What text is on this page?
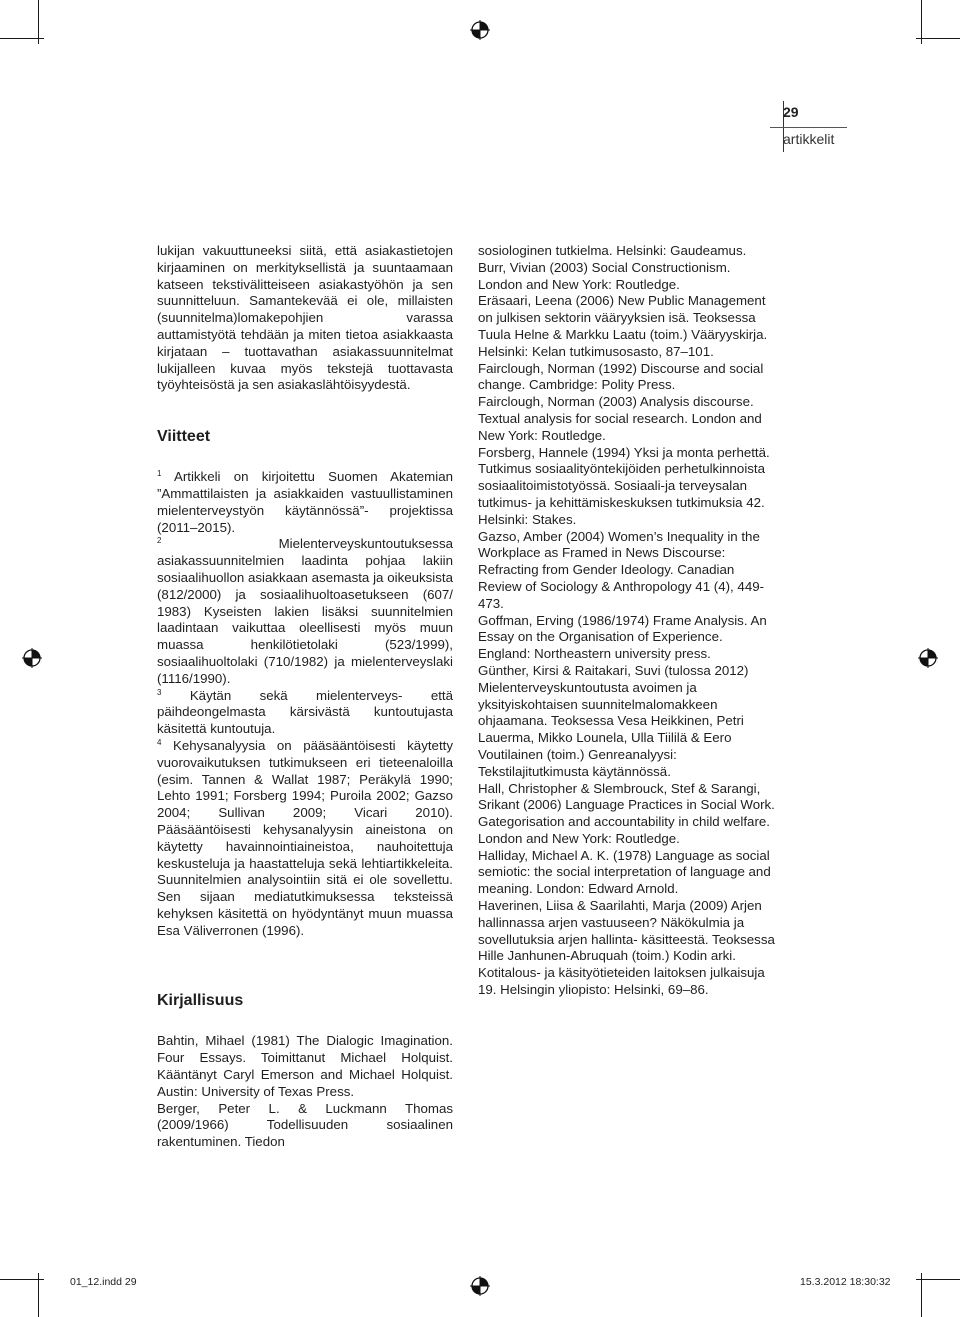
29
artikkelit

lukijan vakuuttuneeksi siitä, että asiakastietojen kirjaaminen on merkityksellistä ja suuntaamaan katseen tekstivälitteiseen asiakastyöhön ja sen suunnitteluun. Samantekevää ei ole, millaisten (suunnitelma)lomakepohjien varassa auttamistyötä tehdään ja miten tietoa asiakkaasta kirjataan – tuottavathan asiakassuunnitelmat lukijalleen kuvaa myös tekstejä tuottavasta työyhteisöstä ja sen asiakaslähtöisyydestä.

Viitteet

$^1$ Artikkeli on kirjoitettu Suomen Akatemian ”Ammattilaisten ja asiakkaiden vastuullistaminen mielenterveystyön käytännössä”- projektissa (2011–2015).

$^2$	Mielenterveyskuntoutuksessa asiakassuunnitelmien laadinta pohjaa lakiin sosiaalihuollon asiakkaan asemasta ja oikeuksista (812/2000) ja sosiaalihuoltoasetukseen (607/ 1983) Kyseisten lakien lisäksi suunnitelmien laadintaan vaikuttaa oleellisesti myös muun muassa henkilötietolaki (523/1999), sosiaalihuoltolaki (710/1982) ja mielenterveyslaki (1116/1990).

$^3$ Käytän sekä mielenterveys- että päihdeongelmasta kärsivästä kuntoutujasta käsitettä kuntoutuja.

$^4$ Kehysanalyysia on pääsääntöisesti käytetty vuorovaikutuksen tutkimukseen eri tieteenaloilla (esim. Tannen & Wallat 1987; Peräkylä 1990; Lehto 1991; Forsberg 1994; Puroila 2002; Gazso 2004; Sullivan 2009; Vicari 2010). Pääsääntöisesti kehysanalyysin aineistona on käytetty havainnointiaineistoa, nauhoitettuja keskusteluja ja haastatteluja sekä lehtiartikkeleita. Suunnitelmien analysointiin sitä ei ole sovellettu. Sen sijaan mediatutkimuksessa teksteissä kehyksen käsitettä on hyödyntänyt muun muassa Esa Väliverronen (1996).

Kirjallisuus

Bahtin, Mihael (1981) The Dialogic Imagination. Four Essays. Toimittanut Michael Holquist. Kääntänyt Caryl Emerson and Michael Holquist. Austin: University of Texas Press.

Berger, Peter L. & Luckmann Thomas (2009/1966) Todellisuuden sosiaalinen rakentuminen. Tiedon

sosiologinen tutkielma. Helsinki: Gaudeamus.

Burr, Vivian (2003) Social Constructionism. London and New York: Routledge.

Eräsaari, Leena (2006) New Public Management on julkisen sektorin vääryyksien isä. Teoksessa Tuula Helne & Markku Laatu (toim.) Vääryyskirja. Helsinki: Kelan tutkimusosasto, 87–101.

Fairclough, Norman (1992) Discourse and social change. Cambridge: Polity Press.

Fairclough, Norman (2003) Analysis discourse. Textual analysis for social research. London and New York: Routledge.

Forsberg, Hannele (1994) Yksi ja monta perhettä. Tutkimus sosiaalityöntekijöiden perhetulkinnoista sosiaalitoimistotyössä. Sosiaali-ja terveysalan tutkimus- ja kehittämiskeskuksen tutkimuksia 42. Helsinki: Stakes.

Gazso, Amber (2004) Women’s Inequality in the Workplace as Framed in News Discourse: Refracting from Gender Ideology. Canadian Review of Sociology & Anthropology 41 (4), 449- 473.

Goffman, Erving (1986/1974) Frame Analysis. An Essay on the Organisation of Experience. England: Northeastern university press.

Günther, Kirsi & Raitakari, Suvi (tulossa 2012) Mielenterveyskuntoutusta avoimen ja yksityiskohtaisen suunnitelmalomakkeen ohjaamana. Teoksessa Vesa Heikkinen, Petri Lauerma, Mikko Lounela, Ulla Tiililä & Eero Voutilainen (toim.) Genreanalyysi: Tekstilajitutkimusta käytännössä.

Hall, Christopher & Slembrouck, Stef & Sarangi, Srikant (2006) Language Practices in Social Work. Gategorisation and accountability in child welfare. London and New York: Routledge.

Halliday, Michael A. K. (1978) Language as social semiotic: the social interpretation of language and meaning. London: Edward Arnold.

Haverinen, Liisa & Saarilahti, Marja (2009) Arjen hallinnassa arjen vastuuseen? Näkökulmia ja sovellutuksia arjen hallinta- käsitteestä. Teoksessa Hille Janhunen-Abruquah (toim.) Kodin arki. Kotitalous- ja käsityötieteiden laitoksen julkaisuja 19. Helsingin yliopisto: Helsinki, 69–86.

01_12.indd 29	15.3.2012 18:30:32
